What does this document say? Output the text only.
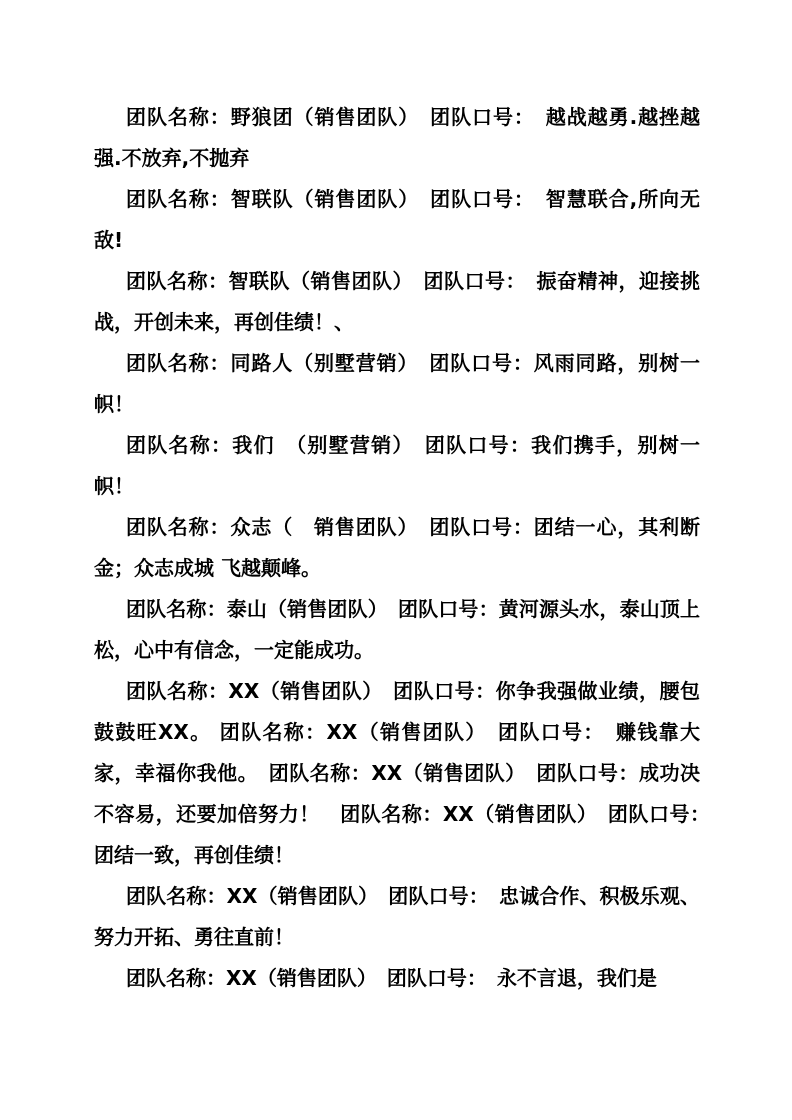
团队名称：野狼团（销售团队）　团队口号：　越战越勇.越挫越强.不放弃,不抛弃

团队名称：智联队（销售团队）　团队口号：　智慧联合,所向无敌!

团队名称：智联队（销售团队）　团队口号：　振奋精神，迎接挑战，开创未来，再创佳绩！、

团队名称：同路人（别墅营销）　团队口号：风雨同路，别树一帜！

团队名称：我们　（别墅营销）　团队口号：我们携手，别树一帜！

团队名称：众志（　销售团队）　团队口号：团结一心，其利断金；众志成城 飞越颠峰。

团队名称：泰山（销售团队）　团队口号：黄河源头水，泰山顶上松，心中有信念，一定能成功。

团队名称：XX（销售团队）　团队口号：你争我强做业绩，腰包鼓鼓旺XX。 团队名称：XX（销售团队）　团队口号：　赚钱靠大家，幸福你我他。　团队名称：XX（销售团队）　团队口号：成功决不容易，还要加倍努力！　团队名称：XX（销售团队）　团队口号：　团结一致，再创佳绩！

团队名称：XX（销售团队）　团队口号：　忠诚合作、积极乐观、努力开拓、勇往直前！

团队名称：XX（销售团队）　团队口号：　永不言退，我们是
